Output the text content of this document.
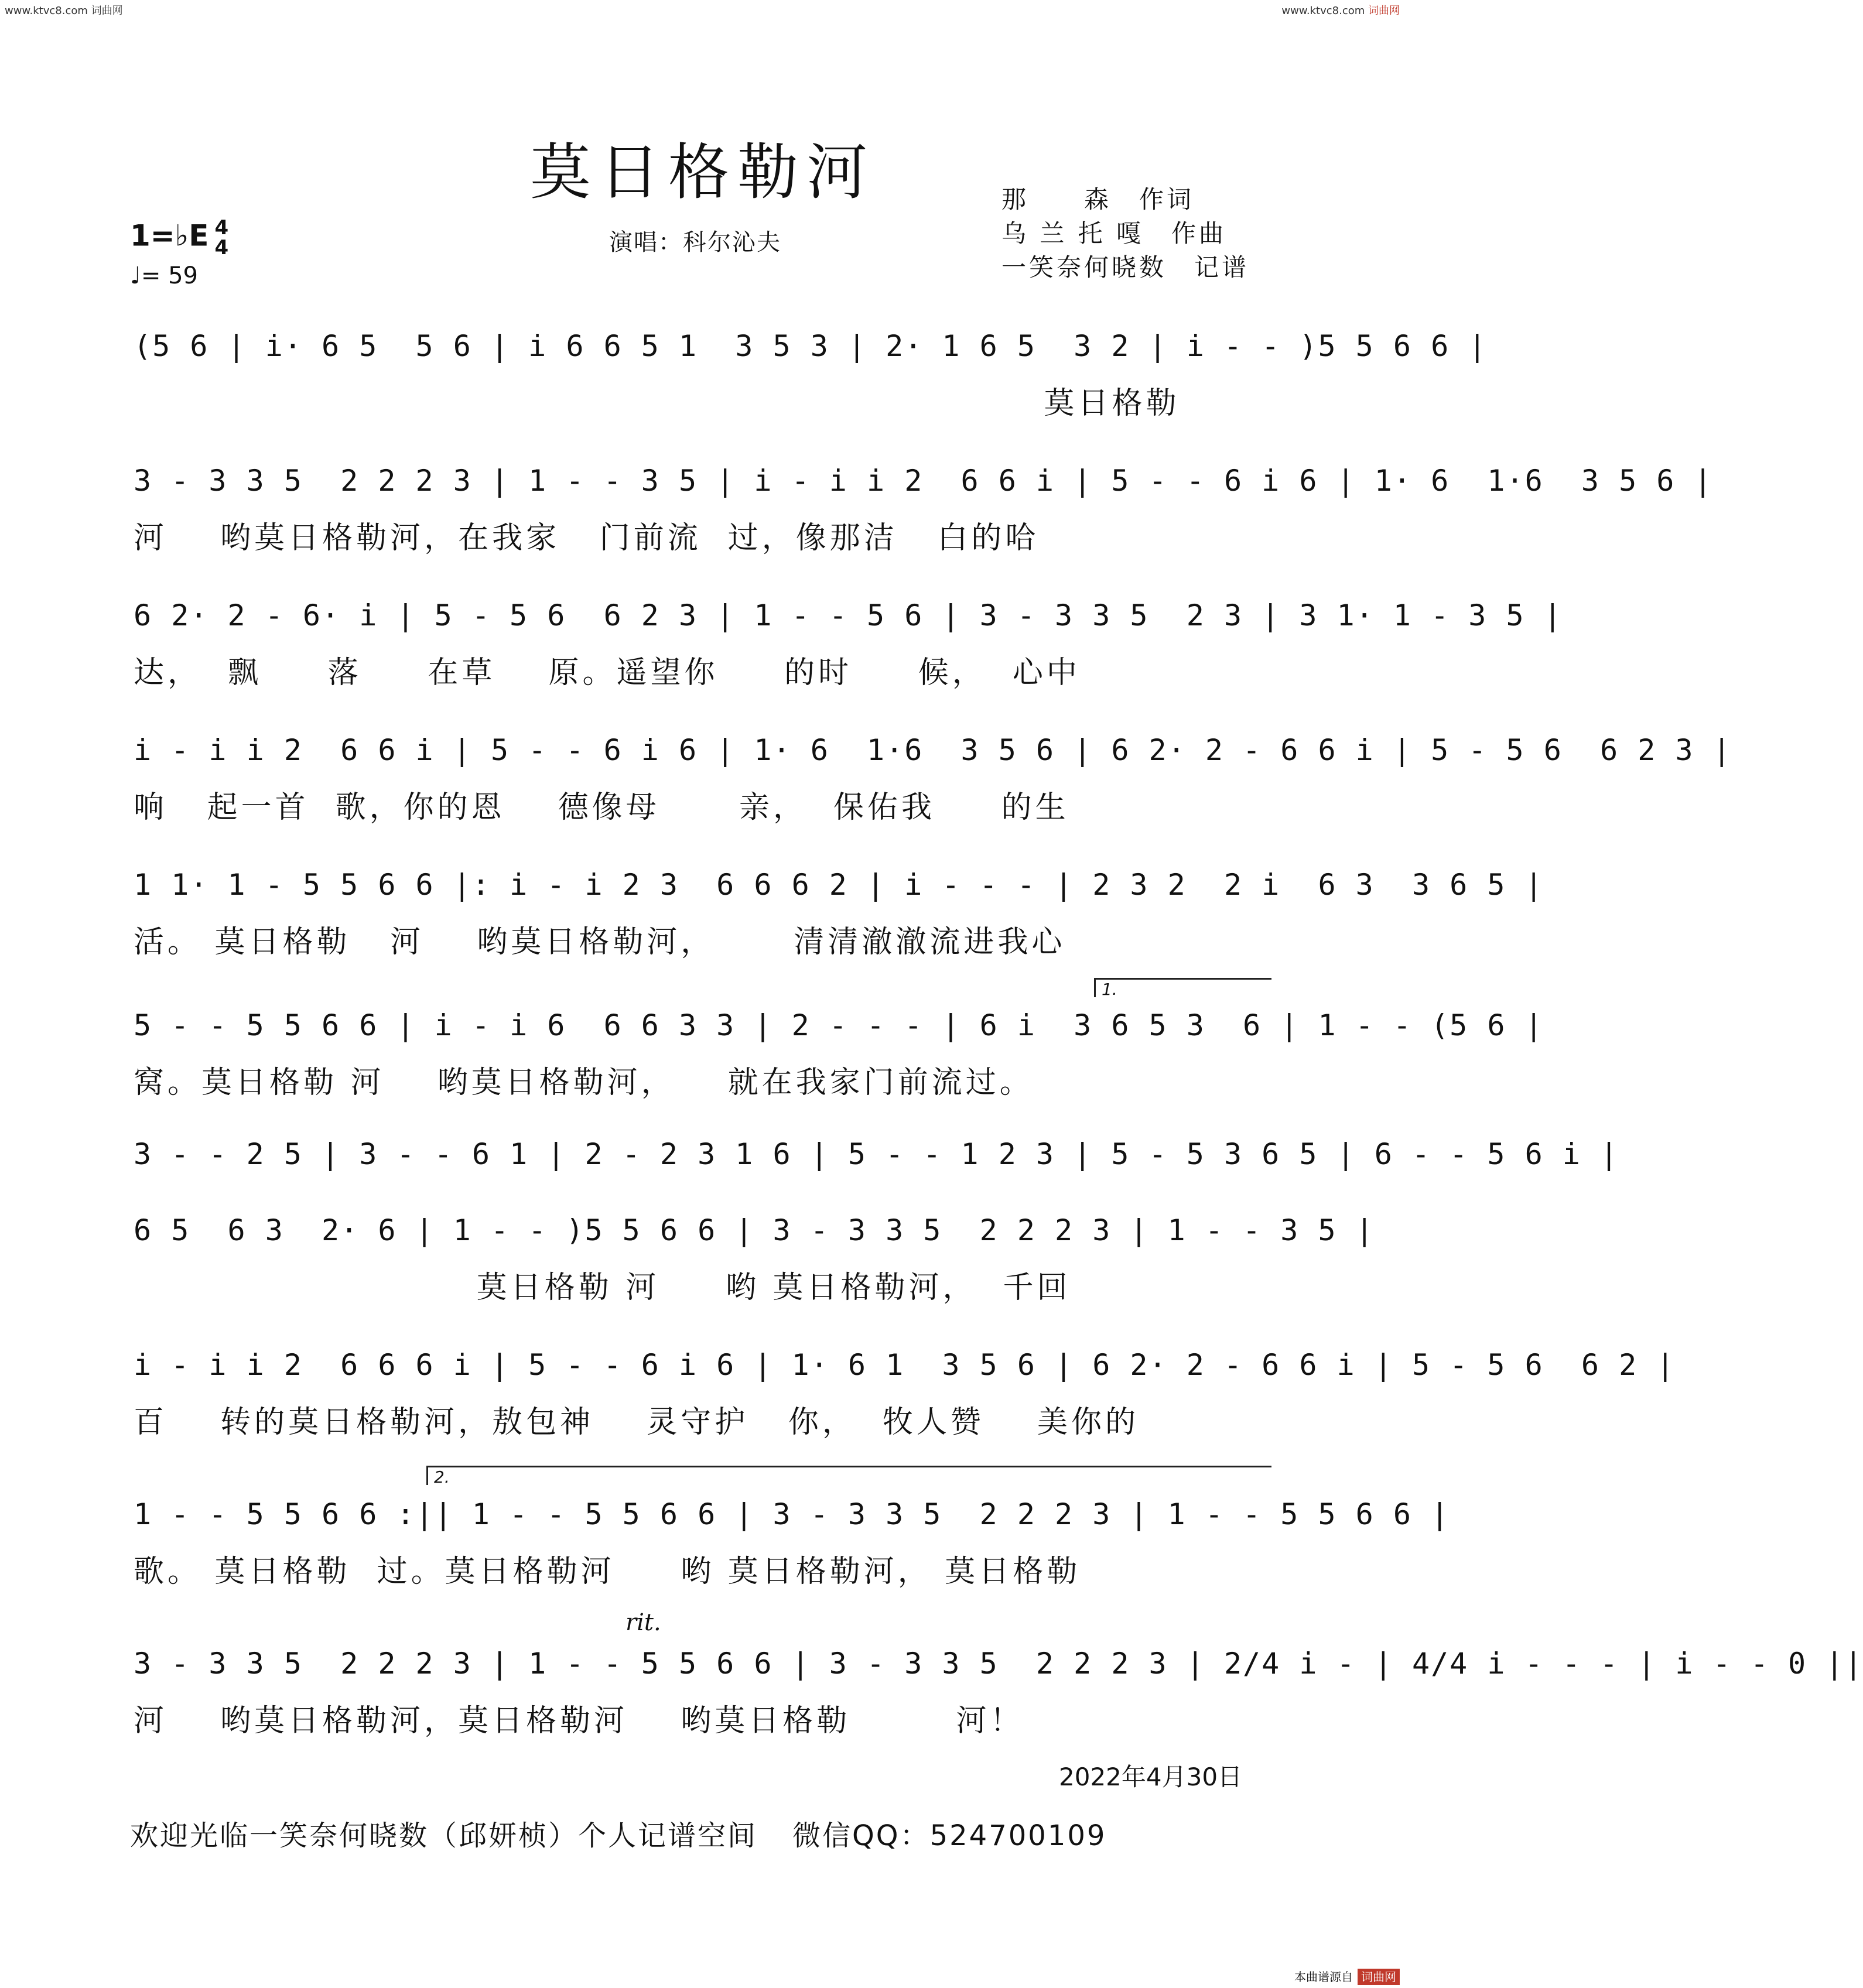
www.ktvc8.com 词曲网	www.ktvc8.com 词曲网
莫日格勒河	那　　森　作词
乌 兰 托 嘎　作曲
一笑奈何晓数　记谱
1=♭E 4
4
♩= 59
演唱：科尔沁夫
(5 6 | i· 6 5  5 6 | i 6 6 5 1  3 5 3 | 2· 1 6 5  3 2 | i - - )5 5 6 6 |
莫日格勒
3 - 3 3 5  2 2 2 3 | 1 - - 3 5 | i - i i 2  6 6 i | 5 - - 6 i 6 | 1· 6  1·6  3 5 6 |
河    哟莫日格勒河，在我家   门前流  过，像那洁   白的哈
6 2· 2 - 6· i | 5 - 5 6  6 2 3 | 1 - - 5 6 | 3 - 3 3 5  2 3 | 3 1· 1 - 3 5 |
达，  飘     落     在草    原。遥望你     的时     候，  心中
i - i i 2  6 6 i | 5 - - 6 i 6 | 1· 6  1·6  3 5 6 | 6 2· 2 - 6 6 i | 5 - 5 6  6 2 3 |
响   起一首  歌，你的恩    德像母      亲，  保佑我     的生
1 1· 1 - 5 5 6 6 |: i - i 2 3  6 6 6 2 | i - - - | 2 3 2  2 i  6 3  3 6 5 |
活。 莫日格勒   河    哟莫日格勒河，      清清澈澈流进我心
1.
5 - - 5 5 6 6 | i - i 6  6 6 3 3 | 2 - - - | 6 i  3 6 5 3  6 | 1 - - (5 6 |
窝。莫日格勒 河    哟莫日格勒河，    就在我家门前流过。
3 - - 2 5 | 3 - - 6 1 | 2 - 2 3 1 6 | 5 - - 1 2 3 | 5 - 5 3 6 5 | 6 - - 5 6 i |
6 5  6 3  2· 6 | 1 - - )5 5 6 6 | 3 - 3 3 5  2 2 2 3 | 1 - - 3 5 |
莫日格勒 河     哟 莫日格勒河，  千回
i - i i 2  6 6 6 i | 5 - - 6 i 6 | 1· 6 1  3 5 6 | 6 2· 2 - 6 6 i | 5 - 5 6  6 2 |
百    转的莫日格勒河，敖包神    灵守护   你，  牧人赞    美你的
2.
1 - - 5 5 6 6 :|| 1 - - 5 5 6 6 | 3 - 3 3 5  2 2 2 3 | 1 - - 5 5 6 6 |
歌。 莫日格勒  过。莫日格勒河     哟 莫日格勒河， 莫日格勒
rit.
3 - 3 3 5  2 2 2 3 | 1 - - 5 5 6 6 | 3 - 3 3 5  2 2 2 3 | 2/4 i - | 4/4 i - - - | i - - 0 ||
河    哟莫日格勒河，莫日格勒河    哟莫日格勒        河！
2022年4月30日
欢迎光临一笑奈何晓数（邱妍桢）个人记谱空间 微信QQ：524700109
本曲谱源自 词曲网
